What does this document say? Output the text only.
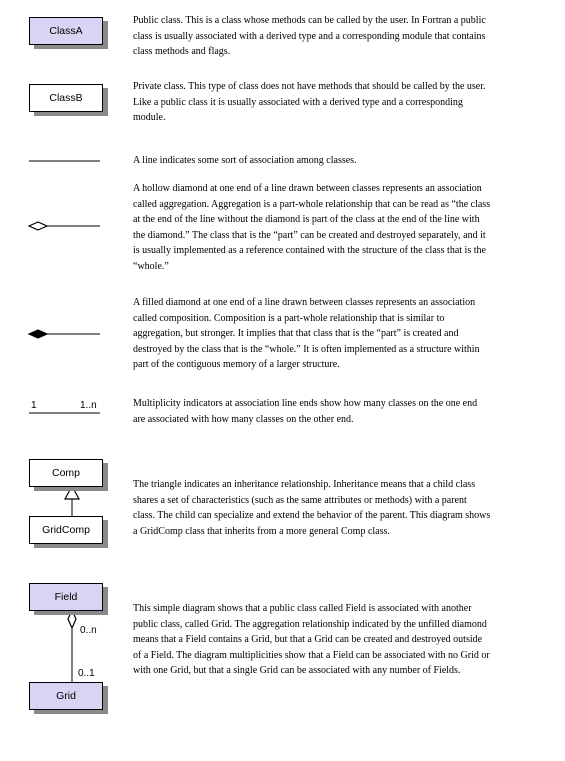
ClassA

Public class. This is a class whose methods can be called by the user. In Fortran a public class is usually associated with a derived type and a corresponding module that contains class methods and flags.

ClassB

Private class. This type of class does not have methods that should be called by the user. Like a public class it is usually associated with a derived type and a corresponding module.

A line indicates some sort of association among classes.

A hollow diamond at one end of a line drawn between classes represents an association called aggregation. Aggregation is a part-whole relationship that can be read as “the class at the end of the line without the diamond is part of the class at the end of the line with the diamond.” The class that is the “part” can be created and destroyed separately, and it is usually implemented as a reference contained with the structure of the class that is the “whole.”

A filled diamond at one end of a line drawn between classes represents an association called composition. Composition is a part-whole relationship that is similar to aggregation, but stronger. It implies that that class that is the “part” is created and destroyed by the class that is the “whole.” It is often implemented as a structure within part of the contiguous memory of a larger structure.

1	1..n	Multiplicity indicators at association line ends show how many classes on the one end are associated with how many classes on the other end.

Comp
GridComp

The triangle indicates an inheritance relationship. Inheritance means that a child class shares a set of characteristics (such as the same attributes or methods) with a parent class. The child can specialize and extend the behavior of the parent. This diagram shows a GridComp class that inherits from a more general Comp class.

Field
0..n
0..1
Grid

This simple diagram shows that a public class called Field is associated with another public class, called Grid. The aggregation relationship indicated by the unfilled diamond means that a Field contains a Grid, but that a Grid can be created and destroyed outside of a Field. The diagram multiplicities show that a Field can be associated with no Grid or with one Grid, but that a single Grid can be associated with any number of Fields.
